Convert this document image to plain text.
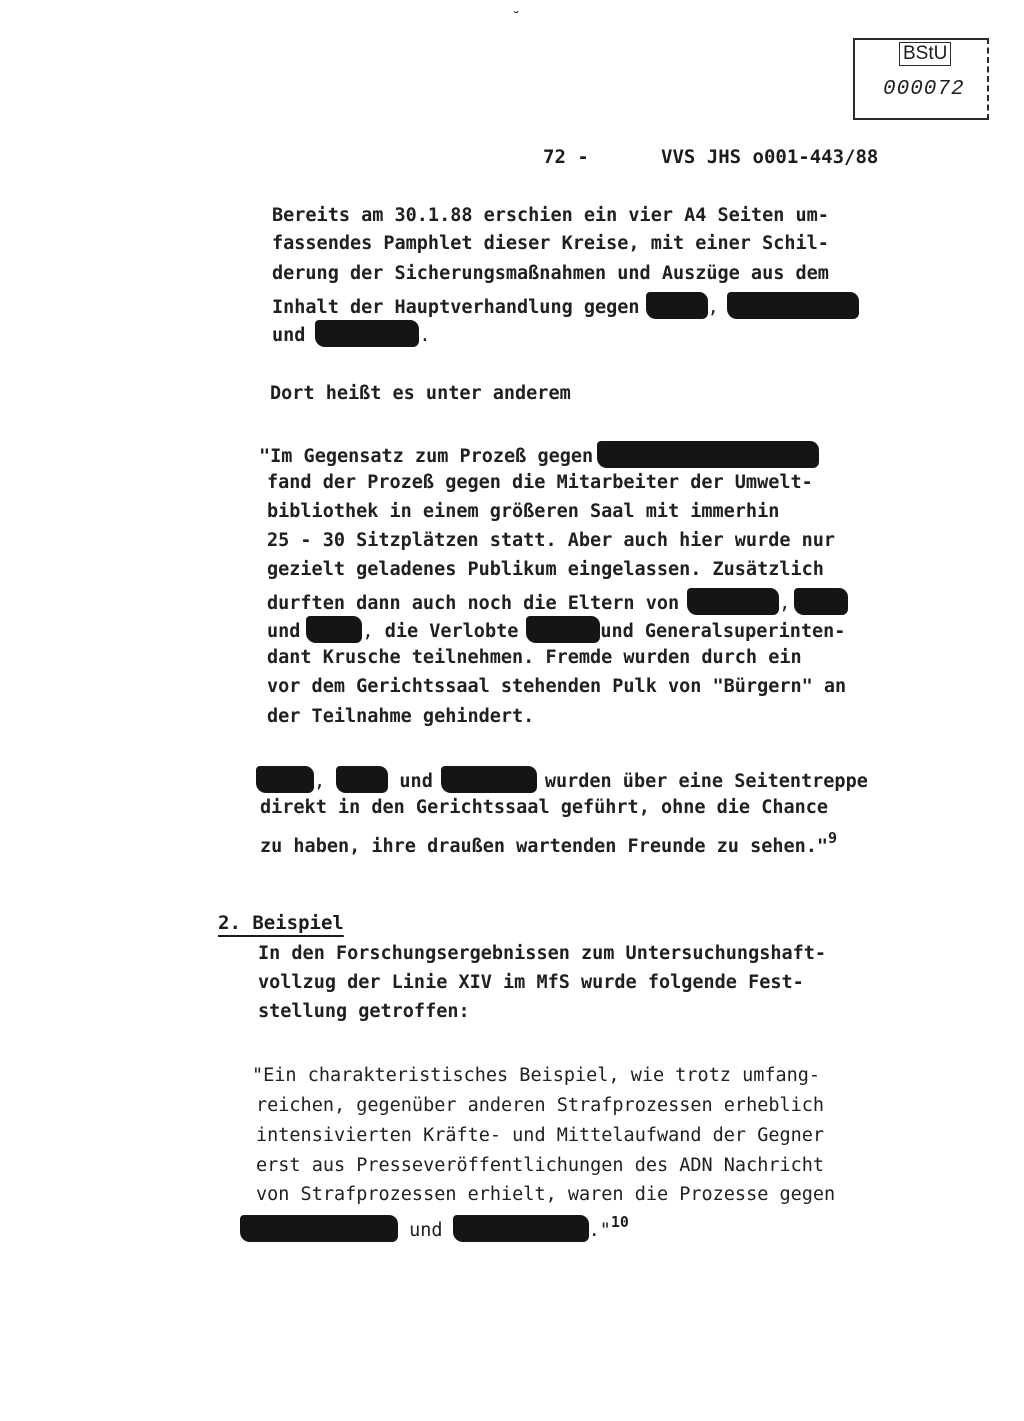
˘
BStU
000072
72 -	VVS JHS o001-443/88
Bereits am 30.1.88 erschien ein vier A4 Seiten um-
fassendes Pamphlet dieser Kreise, mit einer Schil-
derung der Sicherungsmaßnahmen und Auszüge aus dem
Inhalt der Hauptverhandlung gegen	,
und	.
Dort heißt es unter anderem
"Im Gegensatz zum Prozeß gegen
fand der Prozeß gegen die Mitarbeiter der Umwelt-
bibliothek in einem größeren Saal mit immerhin
25 - 30 Sitzplätzen statt. Aber auch hier wurde nur
gezielt geladenes Publikum eingelassen. Zusätzlich
durften dann auch noch die Eltern von	,
und	, die Verlobte	und Generalsuperinten-
dant Krusche teilnehmen. Fremde wurden durch ein
vor dem Gerichtssaal stehenden Pulk von "Bürgern" an
der Teilnahme gehindert.
,	und	wurden über eine Seitentreppe
direkt in den Gerichtssaal geführt, ohne die Chance
zu haben, ihre draußen wartenden Freunde zu sehen."$^9$
2. Beispiel
In den Forschungsergebnissen zum Untersuchungshaft-
vollzug der Linie XIV im MfS wurde folgende Fest-
stellung getroffen:
"Ein charakteristisches Beispiel, wie trotz umfang-
reichen, gegenüber anderen Strafprozessen erheblich
intensivierten Kräfte- und Mittelaufwand der Gegner
erst aus Presseveröffentlichungen des ADN Nachricht
von Strafprozessen erhielt, waren die Prozesse gegen
und	."$^{10}$
